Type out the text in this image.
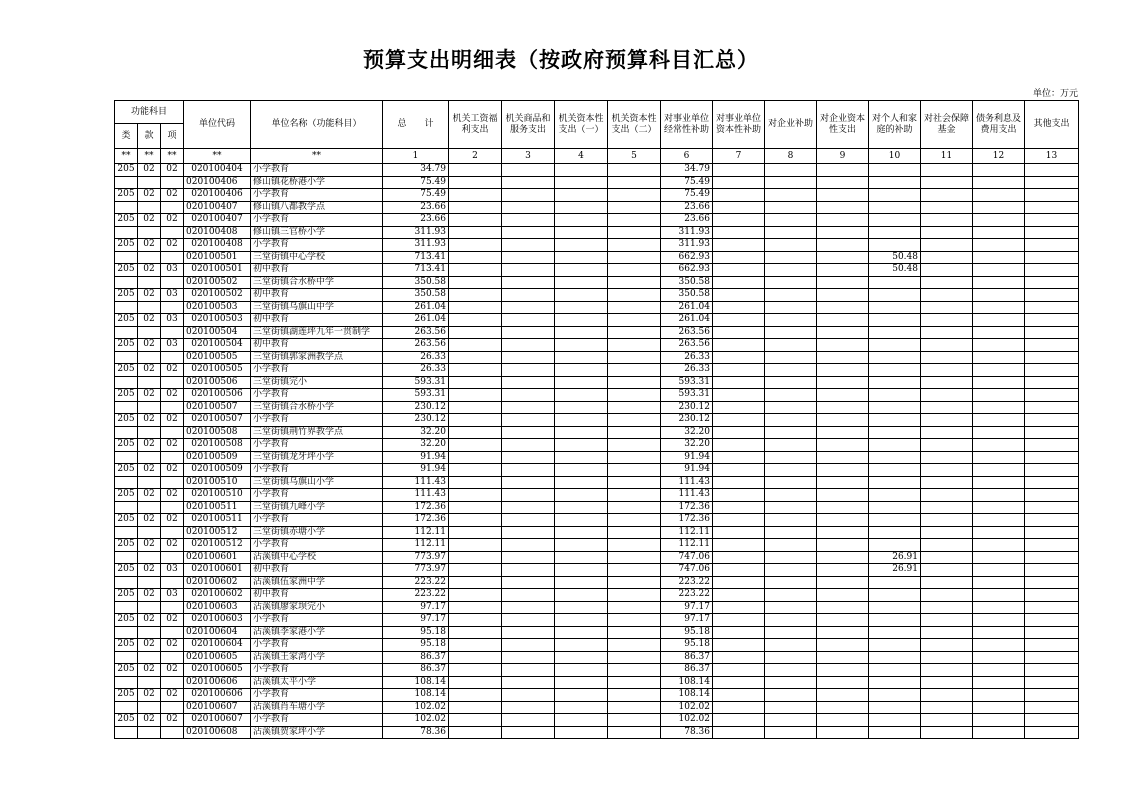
预算支出明细表（按政府预算科目汇总）
单位：万元
功能科目			单位代码	单位名称（功能科目）	总　　计	机关工资福利支出	机关商品和服务支出	机关资本性支出（一）	机关资本性支出（二）	对事业单位经常性补助	对事业单位资本性补助	对企业补助	对企业资本性支出	对个人和家庭的补助	对社会保障基金	债务利息及费用支出	其他支出
类	款	项															
**	**	**	**	**	1	2	3	4	5	6	7	8	9	10	11	12	13
205	02	02	020100404	小学教育	34.79					34.79							
			020100406	修山镇花桥港小学	75.49					75.49							
205	02	02	020100406	小学教育	75.49					75.49							
			020100407	修山镇八都教学点	23.66					23.66							
205	02	02	020100407	小学教育	23.66					23.66							
			020100408	修山镇三官桥小学	311.93					311.93							
205	02	02	020100408	小学教育	311.93					311.93							
			020100501	三堂街镇中心学校	713.41					662.93				50.48			
205	02	03	020100501	初中教育	713.41					662.93				50.48			
			020100502	三堂街镇合水桥中学	350.58					350.58							
205	02	03	020100502	初中教育	350.58					350.58							
			020100503	三堂街镇乌旗山中学	261.04					261.04							
205	02	03	020100503	初中教育	261.04					261.04							
			020100504	三堂街镇湖莲坪九年一贯制学	263.56					263.56							
205	02	03	020100504	初中教育	263.56					263.56							
			020100505	三堂街镇郭家洲教学点	26.33					26.33							
205	02	02	020100505	小学教育	26.33					26.33							
			020100506	三堂街镇完小	593.31					593.31							
205	02	02	020100506	小学教育	593.31					593.31							
			020100507	三堂街镇合水桥小学	230.12					230.12							
205	02	02	020100507	小学教育	230.12					230.12							
			020100508	三堂街镇荆竹界教学点	32.20					32.20							
205	02	02	020100508	小学教育	32.20					32.20							
			020100509	三堂街镇龙牙坪小学	91.94					91.94							
205	02	02	020100509	小学教育	91.94					91.94							
			020100510	三堂街镇乌旗山小学	111.43					111.43							
205	02	02	020100510	小学教育	111.43					111.43							
			020100511	三堂街镇九峰小学	172.36					172.36							
205	02	02	020100511	小学教育	172.36					172.36							
			020100512	三堂街镇赤塘小学	112.11					112.11							
205	02	02	020100512	小学教育	112.11					112.11							
			020100601	沾溪镇中心学校	773.97					747.06				26.91			
205	02	03	020100601	初中教育	773.97					747.06				26.91			
			020100602	沾溪镇伍家洲中学	223.22					223.22							
205	02	03	020100602	初中教育	223.22					223.22							
			020100603	沾溪镇廖家坝完小	97.17					97.17							
205	02	02	020100603	小学教育	97.17					97.17							
			020100604	沾溪镇李家港小学	95.18					95.18							
205	02	02	020100604	小学教育	95.18					95.18							
			020100605	沾溪镇王家湾小学	86.37					86.37							
205	02	02	020100605	小学教育	86.37					86.37							
			020100606	沾溪镇太平小学	108.14					108.14							
205	02	02	020100606	小学教育	108.14					108.14							
			020100607	沾溪镇肖车塘小学	102.02					102.02							
205	02	02	020100607	小学教育	102.02					102.02							
			020100608	沾溪镇贺家坪小学	78.36					78.36							
